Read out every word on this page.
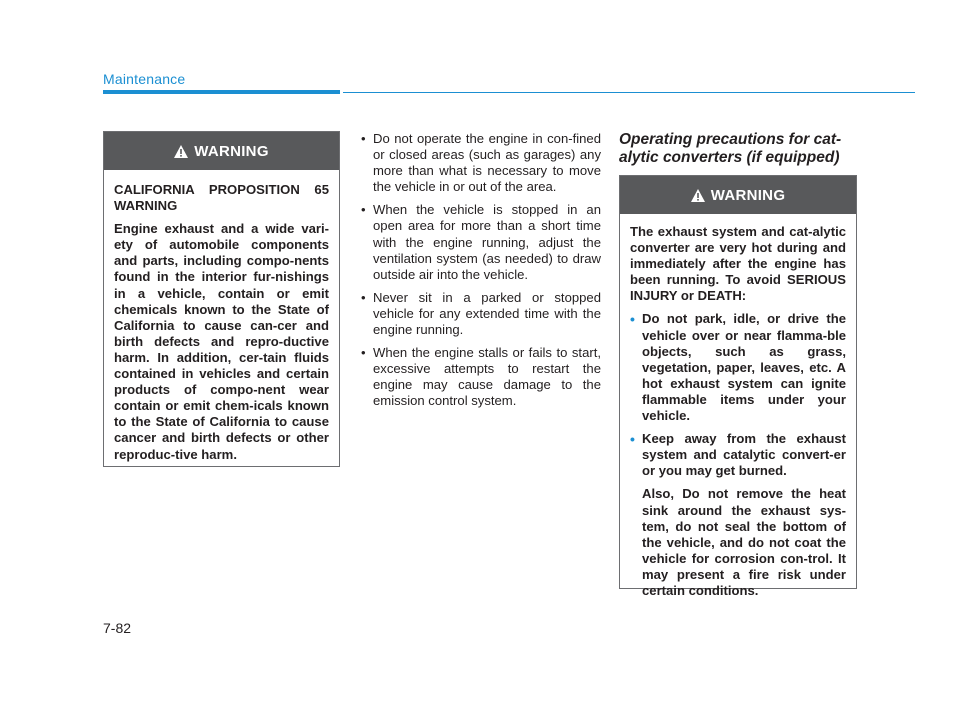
Maintenance
WARNING

CALIFORNIA PROPOSITION 65 WARNING

Engine exhaust and a wide vari-ety of automobile components and parts, including compo-nents found in the interior fur-nishings in a vehicle, contain or emit chemicals known to the State of California to cause can-cer and birth defects and repro-ductive harm. In addition, cer-tain fluids contained in vehicles and certain products of compo-nent wear contain or emit chem-icals known to the State of California to cause cancer and birth defects or other reproduc-tive harm.

• Do not operate the engine in con-fined or closed areas (such as garages) any more than what is necessary to move the vehicle in or out of the area.
• When the vehicle is stopped in an open area for more than a short time with the engine running, adjust the ventilation system (as needed) to draw outside air into the vehicle.
• Never sit in a parked or stopped vehicle for any extended time with the engine running.
• When the engine stalls or fails to start, excessive attempts to restart the engine may cause damage to the emission control system.
Operating precautions for cat-alytic converters (if equipped)
WARNING

The exhaust system and cat-alytic converter are very hot during and immediately after the engine has been running. To avoid SERIOUS INJURY or DEATH:

• Do not park, idle, or drive the vehicle over or near flamma-ble objects, such as grass, vegetation, paper, leaves, etc. A hot exhaust system can ignite flammable items under your vehicle.
• Keep away from the exhaust system and catalytic convert-er or you may get burned.

Also, Do not remove the heat sink around the exhaust sys-tem, do not seal the bottom of the vehicle, and do not coat the vehicle for corrosion con-trol. It may present a fire risk under certain conditions.

7-82
